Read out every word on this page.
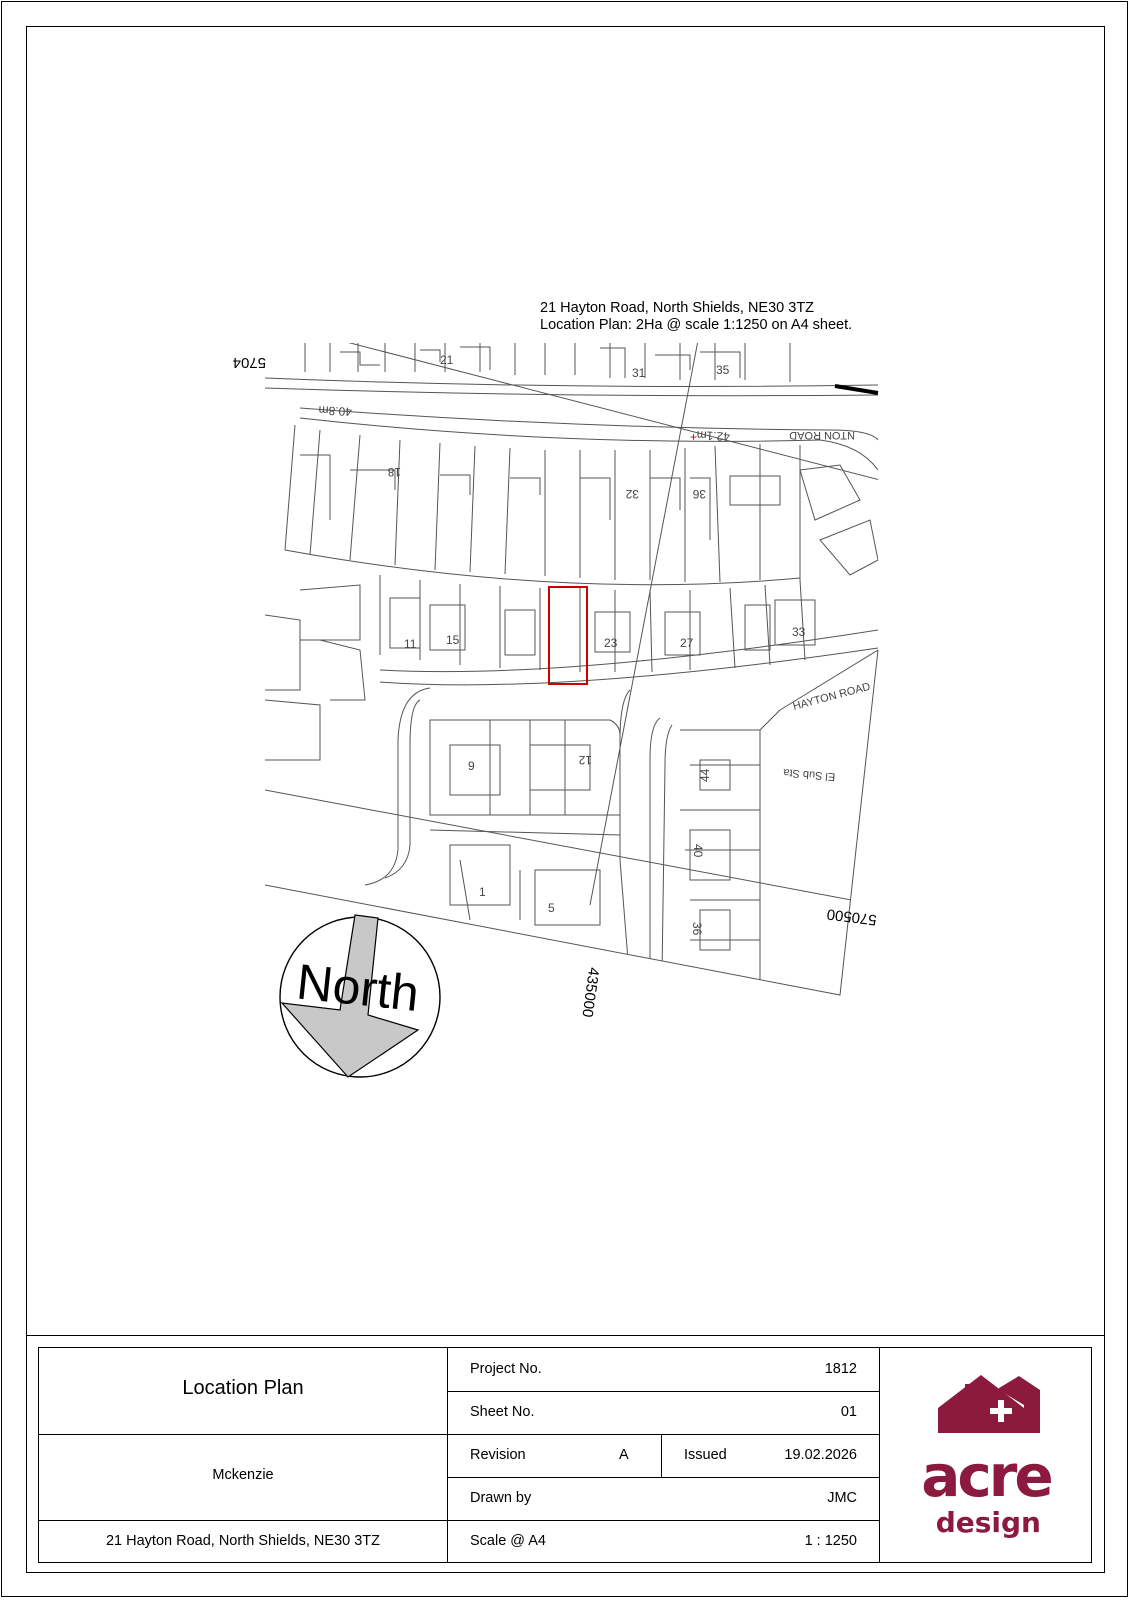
21 Hayton Road, North Shields, NE30 3TZ
Location Plan: 2Ha @ scale 1:1250 on A4 sheet.
5704
40.8m
42.1m
+	NTON ROAD
HAYTON ROAD
El Sub Sta
21
31	35
18
32	36
11 15	23	27
33
9	12
44
40
1
5
36
570500
435000
North
Location Plan
Mckenzie
21 Hayton Road, North Shields, NE30 3TZ
Project No.	1812
Sheet No.	01
Revision	A	Issued	19.02.2026
Drawn by	JMC
Scale @ A4	1 : 1250
acre
design
